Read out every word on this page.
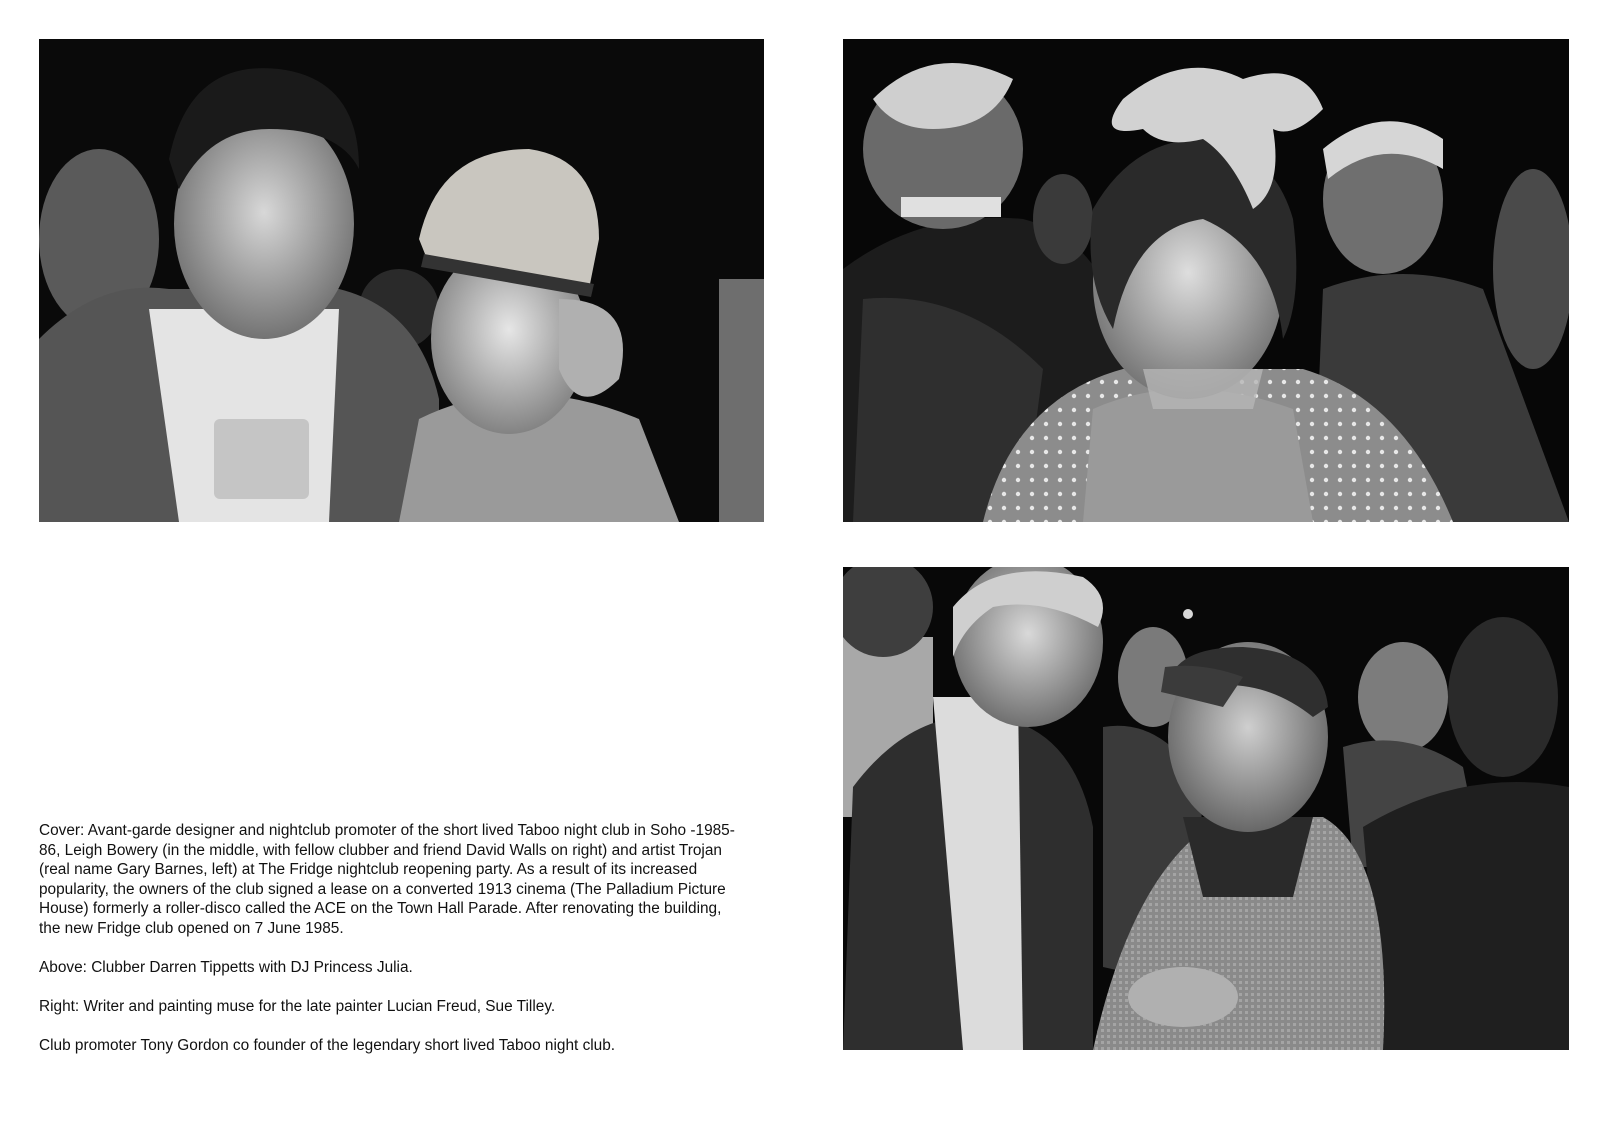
Cover: Avant-garde designer and nightclub promoter of the short lived Taboo night club in Soho -1985-86, Leigh Bowery (in the middle, with fellow clubber and friend David Walls on right) and artist Trojan (real name Gary Barnes, left) at The Fridge nightclub reopening party. As a result of its increased popularity, the owners of the club signed a lease on a converted 1913 cinema (The Palladium Picture House) formerly a roller-disco called the ACE on the Town Hall Parade. After renovating the building, the new Fridge club opened on 7 June 1985.

Above: Clubber Darren Tippetts with DJ Princess Julia.

Right: Writer and painting muse for the late painter Lucian Freud, Sue Tilley.

Club promoter Tony Gordon co founder of the legendary short lived Taboo night club.
